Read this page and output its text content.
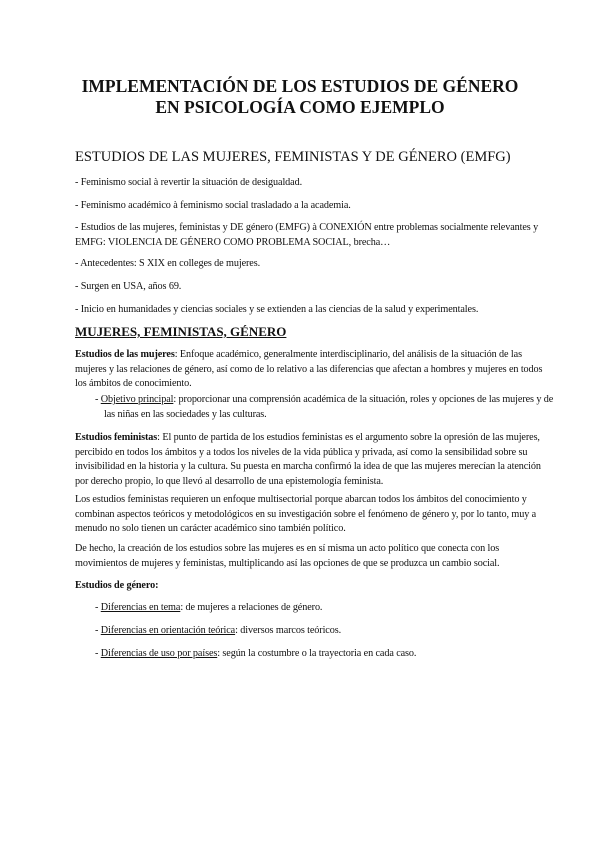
IMPLEMENTACIÓN DE LOS ESTUDIOS DE GÉNERO
EN PSICOLOGÍA COMO EJEMPLO
ESTUDIOS DE LAS MUJERES, FEMINISTAS Y DE GÉNERO (EMFG)
- Feminismo social à revertir la situación de desigualdad.
- Feminismo académico à feminismo social trasladado a la academia.
- Estudios de las mujeres, feministas y DE género (EMFG) à CONEXIÓN entre problemas socialmente relevantes y EMFG: VIOLENCIA DE GÉNERO COMO PROBLEMA SOCIAL, brecha…
- Antecedentes: S XIX en colleges de mujeres.
- Surgen en USA, años 69.
- Inicio en humanidades y ciencias sociales y se extienden a las ciencias de la salud y experimentales.
MUJERES, FEMINISTAS, GÉNERO
Estudios de las mujeres: Enfoque académico, generalmente interdisciplinario, del análisis de la situación de las mujeres y las relaciones de género, así como de lo relativo a las diferencias que afectan a hombres y mujeres en todos los ámbitos de conocimiento.
- Objetivo principal: proporcionar una comprensión académica de la situación, roles y opciones de las mujeres y de las niñas en las sociedades y las culturas.
Estudios feministas: El punto de partida de los estudios feministas es el argumento sobre la opresión de las mujeres, percibido en todos los ámbitos y a todos los niveles de la vida pública y privada, así como la sensibilidad sobre su invisibilidad en la historia y la cultura. Su puesta en marcha confirmó la idea de que las mujeres merecían la atención por derecho propio, lo que llevó al desarrollo de una epistemología feminista.
Los estudios feministas requieren un enfoque multisectorial porque abarcan todos los ámbitos del conocimiento y combinan aspectos teóricos y metodológicos en su investigación sobre el fenómeno de género y, por lo tanto, muy a menudo no solo tienen un carácter académico sino también político.
De hecho, la creación de los estudios sobre las mujeres es en sí misma un acto político que conecta con los movimientos de mujeres y feministas, multiplicando así las opciones de que se produzca un cambio social.
Estudios de género:
- Diferencias en tema: de mujeres a relaciones de género.
- Diferencias en orientación teórica: diversos marcos teóricos.
- Diferencias de uso por países: según la costumbre o la trayectoria en cada caso.
